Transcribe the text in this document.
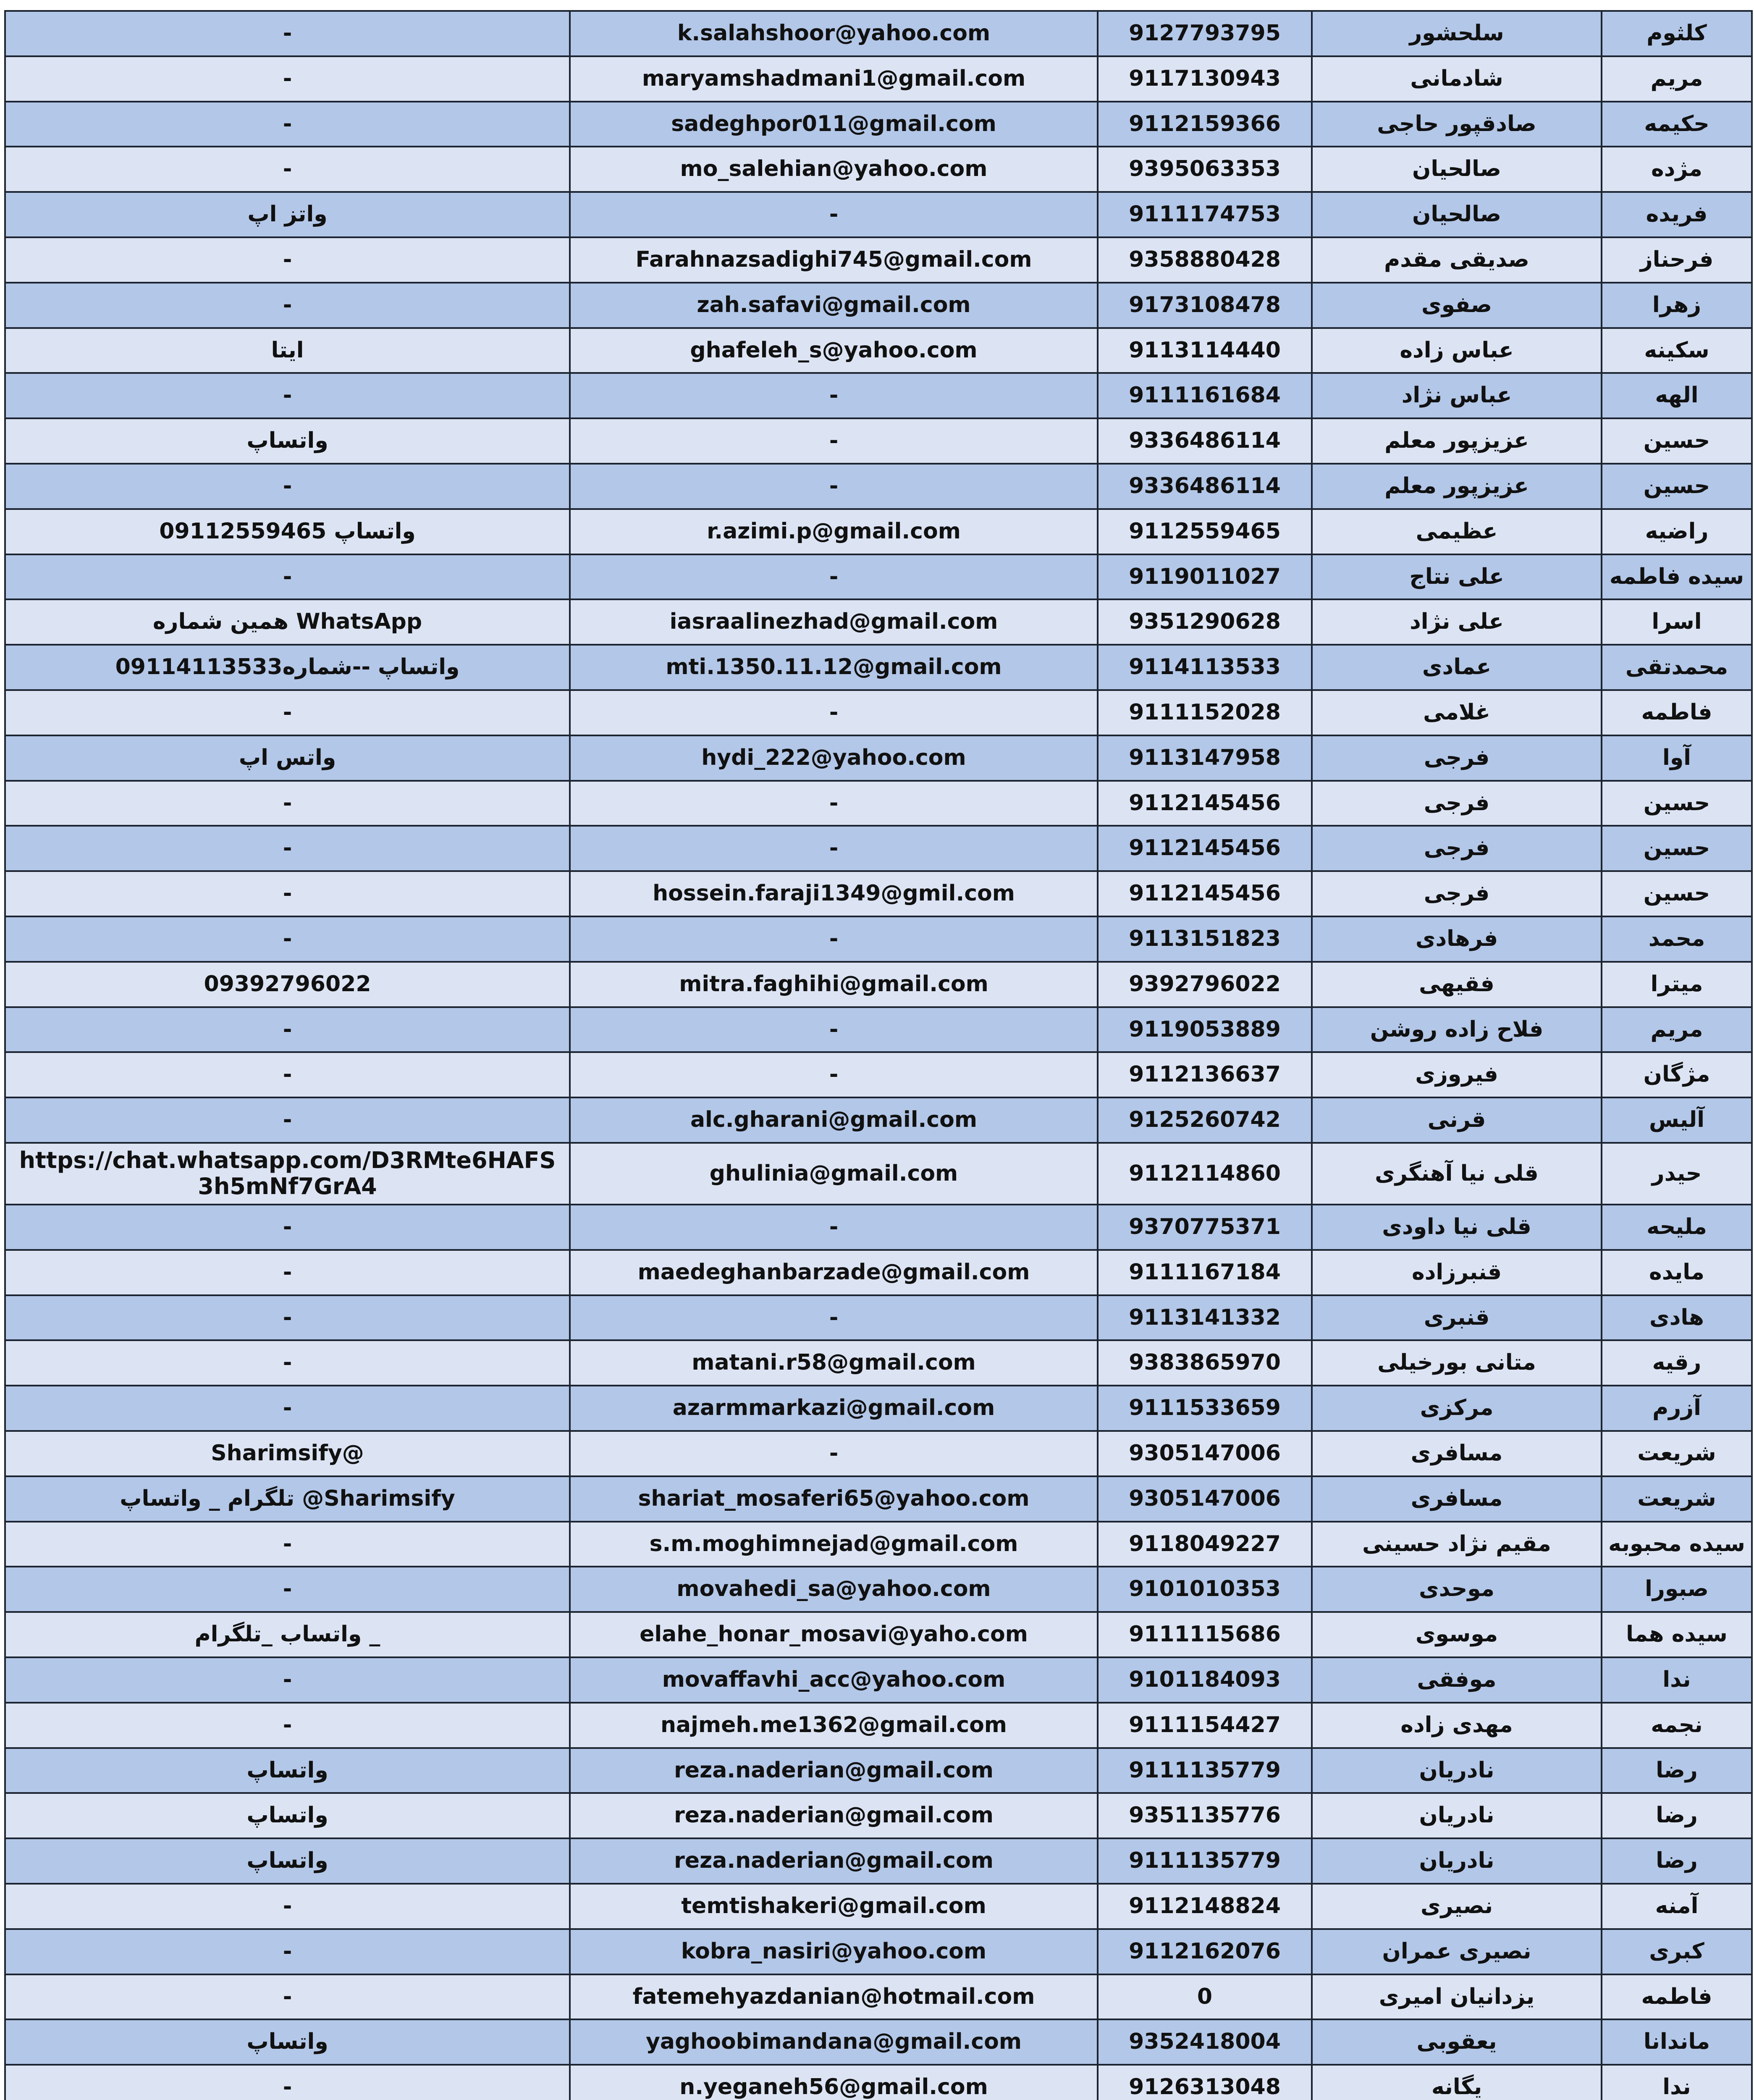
-	k.salahshoor@yahoo.com	9127793795	سلحشور	كلثوم
-	maryamshadmani1@gmail.com	9117130943	شادمانی	مریم
-	sadeghpor011@gmail.com	9112159366	صادقپور حاجی	حکیمه
-	mo_salehian@yahoo.com	9395063353	صالحیان	مژده
واتز اپ	-	9111174753	صالحیان	فریده
-	Farahnazsadighi745@gmail.com	9358880428	صدیقی مقدم	فرحناز
-	zah.safavi@gmail.com	9173108478	صفوی	زهرا
ایتا	ghafeleh_s@yahoo.com	9113114440	عباس زاده	سکینه
-	-	9111161684	عباس نژاد	الهه
واتساپ	-	9336486114	عزیزپور معلم	حسین
-	-	9336486114	عزیزپور معلم	حسین
واتساپ 09112559465	r.azimi.p@gmail.com	9112559465	عظیمی	راضیه
-	-	9119011027	علی نتاج	سیده فاطمه
همین شماره WhatsApp	iasraalinezhad@gmail.com	9351290628	علی نژاد	اسرا
واتساپ --شماره09114113533	mti.1350.11.12@gmail.com	9114113533	عمادی	محمدتقی
-	-	9111152028	غلامی	فاطمه
واتس اپ	hydi_222@yahoo.com	9113147958	فرجی	آوا
-	-	9112145456	فرجی	حسین
-	-	9112145456	فرجی	حسین
-	hossein.faraji1349@gmil.com	9112145456	فرجی	حسین
-	-	9113151823	فرهادی	محمد
09392796022	mitra.faghihi@gmail.com	9392796022	فقیهی	میترا
-	-	9119053889	فلاح زاده روشن	مریم
-	-	9112136637	فیروزی	مژگان
-	alc.gharani@gmail.com	9125260742	قرنی	آلیس
https://chat.whatsapp.com/D3RMte6HAFS3h5mNf7GrA4	ghulinia@gmail.com	9112114860	قلی نیا آهنگری	حیدر
-	-	9370775371	قلی نیا داودی	ملیحه
-	maedeghanbarzade@gmail.com	9111167184	قنبرزاده	مایده
-	-	9113141332	قنبری	هادی
-	matani.r58@gmail.com	9383865970	متانی بورخیلی	رقیه
-	azarmmarkazi@gmail.com	9111533659	مرکزی	آزرم
Sharimsify@	-	9305147006	مسافری	شریعت
تلگرام _ واتساپ @Sharimsify	shariat_mosaferi65@yahoo.com	9305147006	مسافری	شریعت
-	s.m.moghimnejad@gmail.com	9118049227	مقیم نژاد حسینی	سیده محبوبه
-	movahedi_sa@yahoo.com	9101010353	موحدی	صبورا
واتساب _تلگرام _	elahe_honar_mosavi@yaho.com	9111115686	موسوی	سیده هما
-	movaffavhi_acc@yahoo.com	9101184093	موفقی	ندا
-	najmeh.me1362@gmail.com	9111154427	مهدی زاده	نجمه
واتساپ	reza.naderian@gmail.com	9111135779	نادریان	رضا
واتساپ	reza.naderian@gmail.com	9351135776	نادریان	رضا
واتساپ	reza.naderian@gmail.com	9111135779	نادریان	رضا
-	temtishakeri@gmail.com	9112148824	نصیری	آمنه
-	kobra_nasiri@yahoo.com	9112162076	نصیری عمران	کبری
-	fatemehyazdanian@hotmail.com	0	یزدانیان امیری	فاطمه
واتساپ	yaghoobimandana@gmail.com	9352418004	یعقوبی	ماندانا
-	n.yeganeh56@gmail.com	9126313048	یگانه	ندا
